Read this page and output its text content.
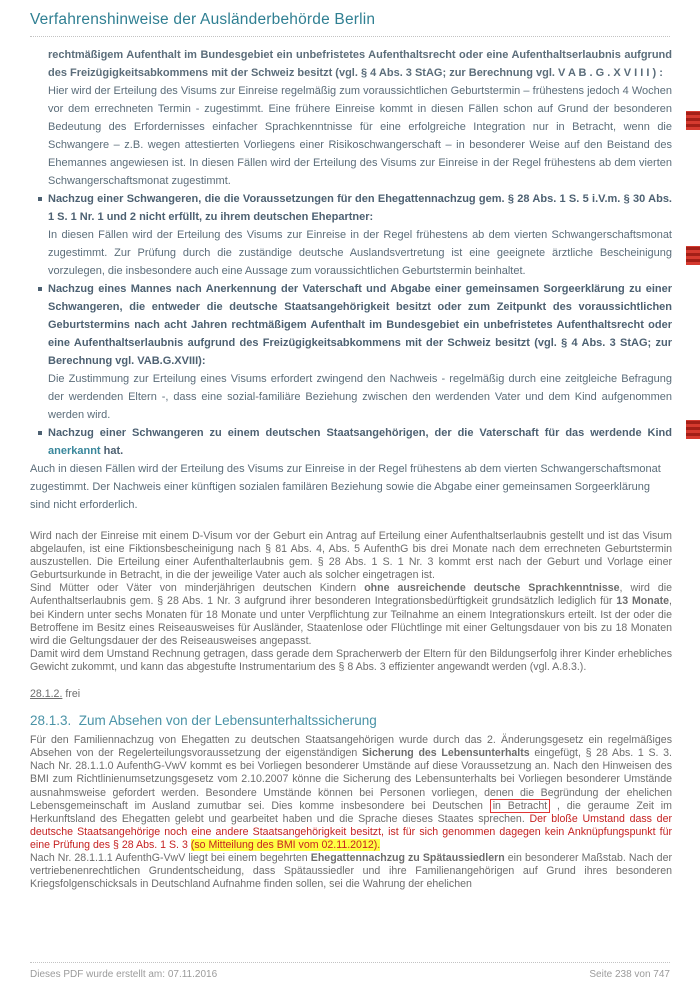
Verfahrenshinweise der Ausländerbehörde Berlin
rechtmäßigem Aufenthalt im Bundesgebiet ein unbefristetes Aufenthaltsrecht oder eine Aufenthaltserlaubnis aufgrund des Freizügigkeitsabkommens mit der Schweiz besitzt (vgl. § 4 Abs. 3 StAG; zur Berechnung vgl. V A B . G . X V I I I ) :
Hier wird der Erteilung des Visums zur Einreise regelmäßig zum voraussichtlichen Geburtstermin – frühestens jedoch 4 Wochen vor dem errechneten Termin - zugestimmt. Eine frühere Einreise kommt in diesen Fällen schon auf Grund der besonderen Bedeutung des Erfordernisses einfacher Sprachkenntnisse für eine erfolgreiche Integration nur in Betracht, wenn die Schwangere – z.B. wegen attestierten Vorliegens einer Risikoschwangerschaft – in besonderer Weise auf den Beistand des Ehemannes angewiesen ist. In diesen Fällen wird der Erteilung des Visums zur Einreise in der Regel frühestens ab dem vierten Schwangerschaftsmonat zugestimmt.
Nachzug einer Schwangeren, die die Voraussetzungen für den Ehegattennachzug gem. § 28 Abs. 1 S. 5 i.V.m. § 30 Abs. 1 S. 1 Nr. 1 und 2 nicht erfüllt, zu ihrem deutschen Ehepartner:
In diesen Fällen wird der Erteilung des Visums zur Einreise in der Regel frühestens ab dem vierten Schwangerschaftsmonat zugestimmt. Zur Prüfung durch die zuständige deutsche Auslandsvertretung ist eine geeignete ärztliche Bescheinigung vorzulegen, die insbesondere auch eine Aussage zum voraussichtlichen Geburtstermin beinhaltet.
Nachzug eines Mannes nach Anerkennung der Vaterschaft und Abgabe einer gemeinsamen Sorgeerklärung zu einer Schwangeren, die entweder die deutsche Staatsangehörigkeit besitzt oder zum Zeitpunkt des voraussichtlichen Geburtstermins nach acht Jahren rechtmäßigem Aufenthalt im Bundesgebiet ein unbefristetes Aufenthaltsrecht oder eine Aufenthaltserlaubnis aufgrund des Freizügigkeitsabkommens mit der Schweiz besitzt (vgl. § 4 Abs. 3 StAG; zur Berechnung vgl. VAB.G.XVIII):
Die Zustimmung zur Erteilung eines Visums erfordert zwingend den Nachweis - regelmäßig durch eine zeitgleiche Befragung der werdenden Eltern -, dass eine sozial-familiäre Beziehung zwischen den werdenden Vater und dem Kind aufgenommen werden wird.
Nachzug einer Schwangeren zu einem deutschen Staatsangehörigen, der die Vaterschaft für das werdende Kind anerkannt hat.
Auch in diesen Fällen wird der Erteilung des Visums zur Einreise in der Regel frühestens ab dem vierten Schwangerschaftsmonat zugestimmt. Der Nachweis einer künftigen sozialen familären Beziehung sowie die Abgabe einer gemeinsamen Sorgeerklärung sind nicht erforderlich.
Wird nach der Einreise mit einem D-Visum vor der Geburt ein Antrag auf Erteilung einer Aufenthaltserlaubnis gestellt und ist das Visum abgelaufen, ist eine Fiktionsbescheinigung nach § 81 Abs. 4, Abs. 5 AufenthG bis drei Monate nach dem errechneten Geburtstermin auszustellen. Die Erteilung einer Aufenthalterlaubnis gem. § 28 Abs. 1 S. 1 Nr. 3 kommt erst nach der Geburt und Vorlage einer Geburtsurkunde in Betracht, in die der jeweilige Vater auch als solcher eingetragen ist.
Sind Mütter oder Väter von minderjährigen deutschen Kindern ohne ausreichende deutsche Sprachkenntnisse, wird die Aufenthaltserlaubnis gem. § 28 Abs. 1 Nr. 3 aufgrund ihrer besonderen Integrationsbedürftigkeit grundsätzlich lediglich für 13 Monate, bei Kindern unter sechs Monaten für 18 Monate und unter Verpflichtung zur Teilnahme an einem Integrationskurs erteilt. Ist der oder die Betroffene im Besitz eines Reiseausweises für Ausländer, Staatenlose oder Flüchtlinge mit einer Geltungsdauer von bis zu 18 Monaten wird die Geltungsdauer der des Reiseausweises angepasst.
Damit wird dem Umstand Rechnung getragen, dass gerade dem Spracherwerb der Eltern für den Bildungserfolg ihrer Kinder erhebliches Gewicht zukommt, und kann das abgestufte Instrumentarium des § 8 Abs. 3 effizienter angewandt werden (vgl. A.8.3.).
28.1.2. frei
28.1.3.  Zum Absehen von der Lebensunterhaltssicherung
Für den Familiennachzug von Ehegatten zu deutschen Staatsangehörigen wurde durch das 2. Änderungsgesetz ein regelmäßiges Absehen von der Regelerteilungsvoraussetzung der eigenständigen Sicherung des Lebensunterhalts eingefügt, § 28 Abs. 1 S. 3. Nach Nr. 28.1.1.0 AufenthG-VwV kommt es bei Vorliegen besonderer Umstände auf diese Voraussetzung an. Nach den Hinweisen des BMI zum Richtlinienumsetzungsgesetz vom 2.10.2007 könne die Sicherung des Lebensunterhalts bei Vorliegen besonderer Umstände ausnahmsweise gefordert werden. Besondere Umstände können bei Personen vorliegen, denen die Begründung der ehelichen Lebensgemeinschaft im Ausland zumutbar sei. Dies komme insbesondere bei Deutschen in Betracht , die geraume Zeit im Herkunftsland des Ehegatten gelebt und gearbeitet haben und die Sprache dieses Staates sprechen. Der bloße Umstand dass der deutsche Staatsangehörige noch eine andere Staatsangehörigkeit besitzt, ist für sich genommen dagegen kein Anknüpfungspunkt für eine Prüfung des § 28 Abs. 1 S. 3 (so Mitteilung des BMI vom 02.11.2012).
Nach Nr. 28.1.1.1 AufenthG-VwV liegt bei einem begehrten Ehegattennachzug zu Spätaussiedlern ein besonderer Maßstab. Nach der vertriebenenrechtlichen Grundentscheidung, dass Spätaussiedler und ihre Familienangehörigen auf Grund ihres besonderen Kriegsfolgenschicksals in Deutschland Aufnahme finden sollen, sei die Wahrung der ehelichen
Dieses PDF wurde erstellt am: 07.11.2016	Seite 238 von 747
